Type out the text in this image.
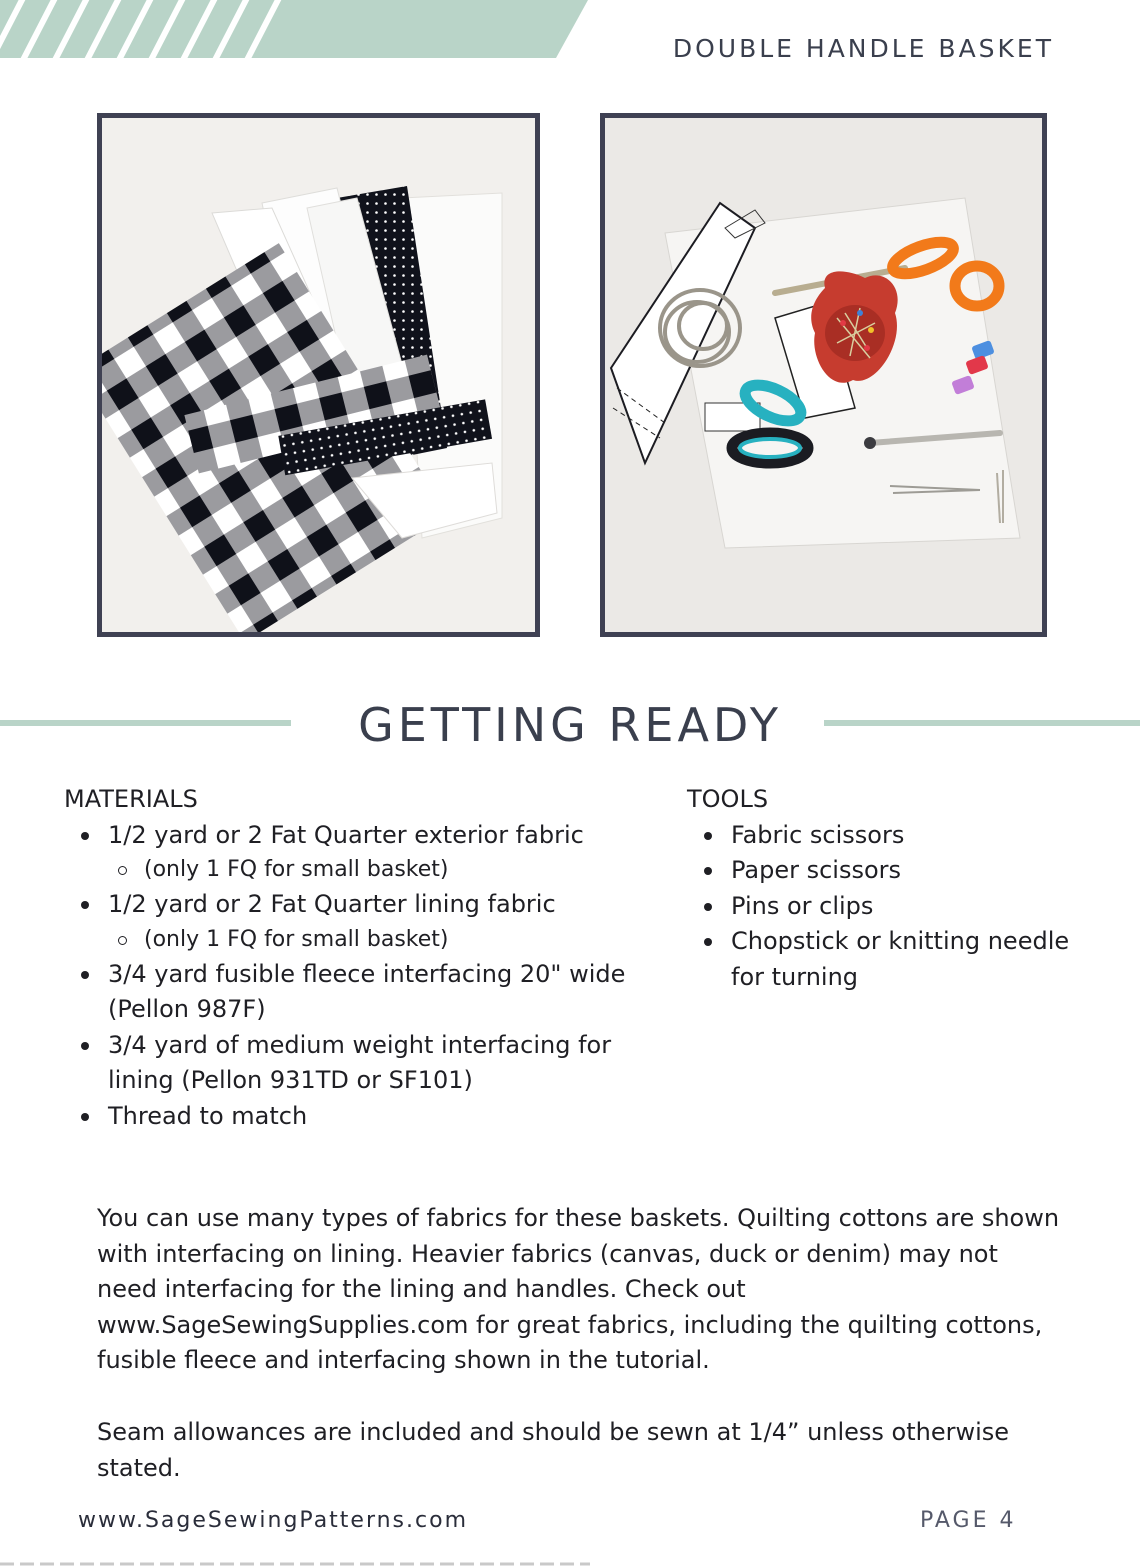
DOUBLE HANDLE BASKET
GETTING READY
MATERIALS
1/2 yard or 2 Fat Quarter exterior fabric
(only 1 FQ for small basket)
1/2 yard or 2 Fat Quarter lining fabric
(only 1 FQ for small basket)
3/4 yard fusible fleece interfacing 20" wide (Pellon 987F)
3/4 yard of medium weight interfacing for lining (Pellon 931TD or SF101)
Thread to match
TOOLS
Fabric scissors
Paper scissors
Pins or clips
Chopstick or knitting needle for turning

You can use many types of fabrics for these baskets. Quilting cottons are shown with interfacing on lining. Heavier fabrics (canvas, duck or denim) may not need interfacing for the lining and handles. Check out www.SageSewingSupplies.com for great fabrics, including the quilting cottons, fusible fleece and interfacing shown in the tutorial.

Seam allowances are included and should be sewn at 1/4” unless otherwise stated.

www.SageSewingPatterns.com	PAGE 4
